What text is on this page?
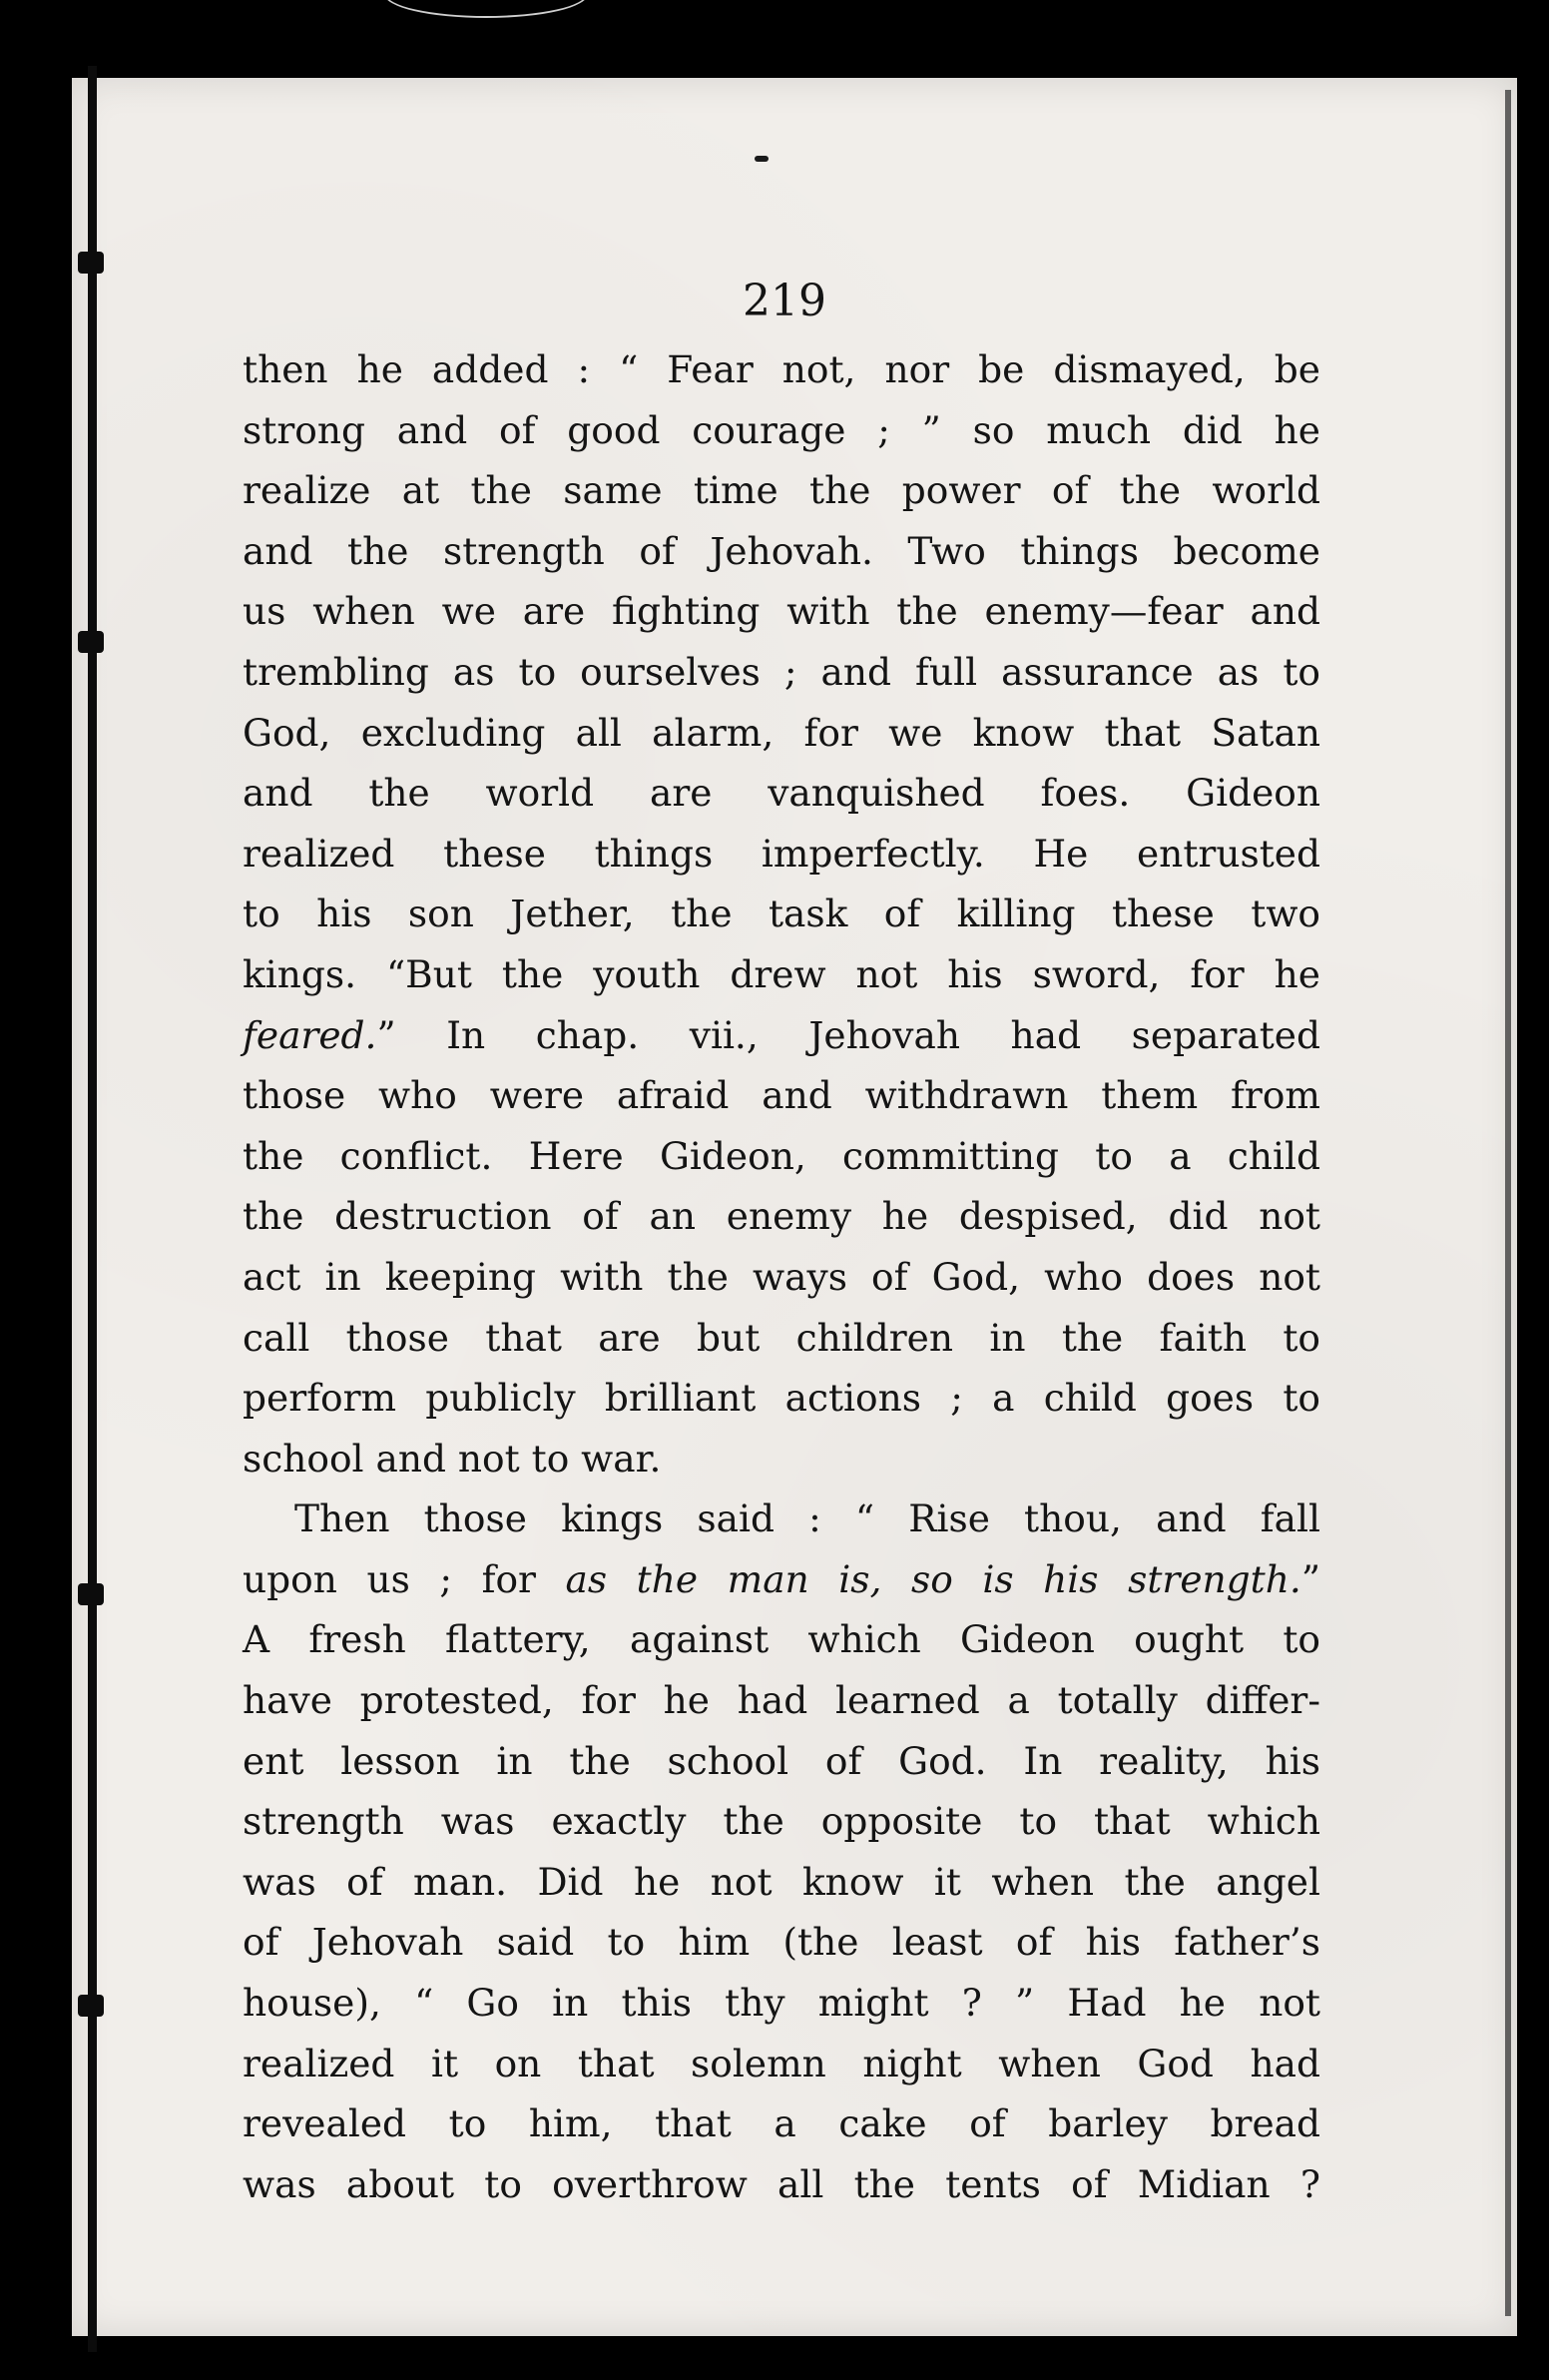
219
then he added : “ Fear not, nor be dismayed, be
strong and of good courage ; ” so much did he
realize at the same time the power of the world
and the strength of Jehovah. Two things become
us when we are fighting with the enemy—fear and
trembling as to ourselves ; and full assurance as to
God, excluding all alarm, for we know that Satan
and the world are vanquished foes. Gideon
realized these things imperfectly. He entrusted
to his son Jether, the task of killing these two
kings. “But the youth drew not his sword, for he
feared.” In chap. vii., Jehovah had separated
those who were afraid and withdrawn them from
the conflict. Here Gideon, committing to a child
the destruction of an enemy he despised, did not
act in keeping with the ways of God, who does not
call those that are but children in the faith to
perform publicly brilliant actions ; a child goes to
school and not to war.
Then those kings said : “ Rise thou, and fall
upon us ; for as the man is, so is his strength.”
A fresh flattery, against which Gideon ought to
have protested, for he had learned a totally differ-
ent lesson in the school of God. In reality, his
strength was exactly the opposite to that which
was of man. Did he not know it when the angel
of Jehovah said to him (the least of his father’s
house), “ Go in this thy might ? ” Had he not
realized it on that solemn night when God had
revealed to him, that a cake of barley bread
was about to overthrow all the tents of Midian ?
